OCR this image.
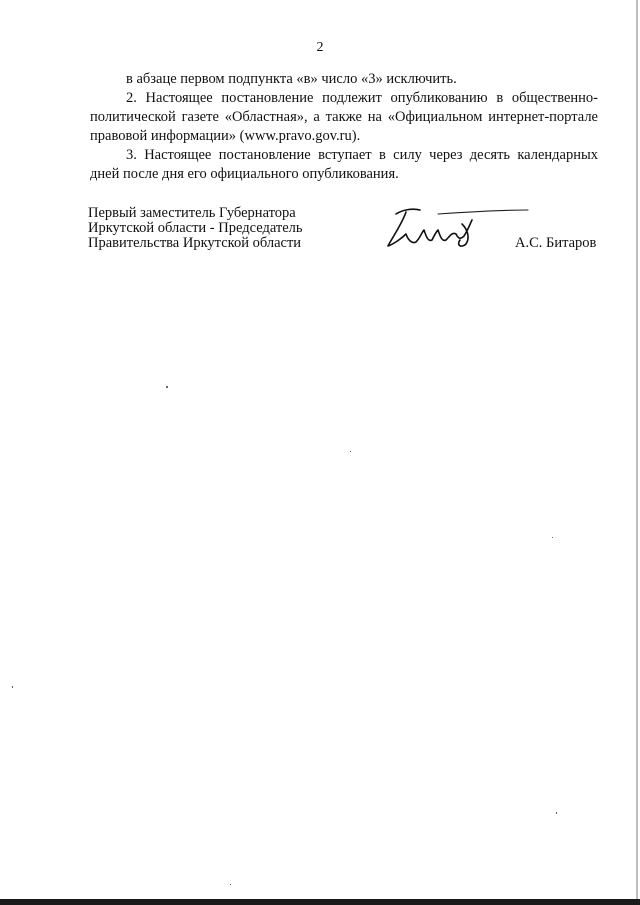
2

в абзаце первом подпункта «в» число «3» исключить.

2. Настоящее постановление подлежит опубликованию в общественно-политической газете «Областная», а также на «Официальном интернет-портале правовой информации» (www.pravo.gov.ru).

3. Настоящее постановление вступает в силу через десять календарных дней после дня его официального опубликования.

Первый заместитель Губернатора
Иркутской области - Председатель
Правительства Иркутской области	А.С. Битаров
